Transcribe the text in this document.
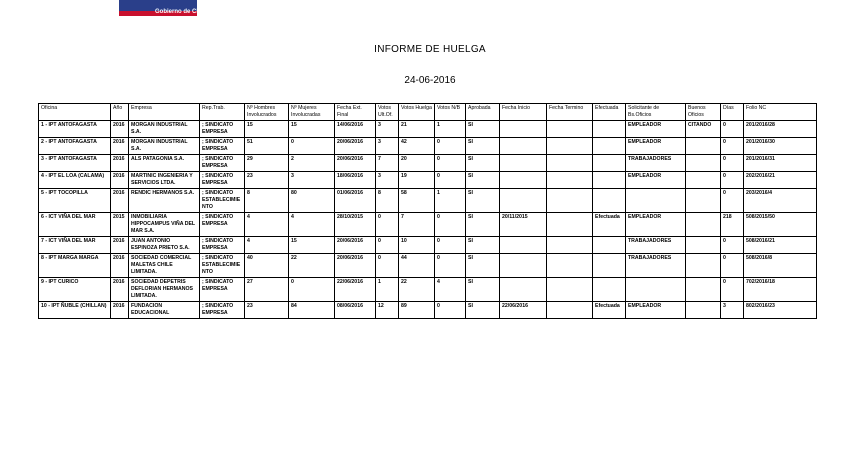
Gobierno de Chile
INFORME DE HUELGA
24-06-2016
Oficina	Año	Empresa	Rep.Trab.	Nº Hombres Involucrados	Nº Mujeres Involucradas	Fecha Ext. Final	Votos Ult.Of.	Votos Huelga	Votos N/B	Aprobada	Fecha Inicio	Fecha Termino	Efectuada	Solicitante de Bs.Oficios	Buenos Oficios	Días	Folio NC
1 - IPT ANTOFAGASTA	2016	MORGAN INDUSTRIAL S.A.	; SINDICATO EMPRESA	15	15	14/06/2016	3	21	1	SI				EMPLEADOR	CITANDO	0	201/2016/28
2 - IPT ANTOFAGASTA	2016	MORGAN INDUSTRIAL S.A.	; SINDICATO EMPRESA	51	0	20/06/2016	3	42	0	SI				EMPLEADOR		0	201/2016/30
3 - IPT ANTOFAGASTA	2016	ALS PATAGONIA S.A.	; SINDICATO EMPRESA	29	2	20/06/2016	7	20	0	SI				TRABAJADORES		0	201/2016/31
4 - IPT EL LOA (CALAMA)	2016	MARTINIC INGENIERIA Y SERVICIOS LTDA.	; SINDICATO EMPRESA	23	3	18/06/2016	3	19	0	SI				EMPLEADOR		0	202/2016/21
5 - IPT TOCOPILLA	2016	RENDIC HERMANOS S.A.	; SINDICATO ESTABLECIMIENTO	8	80	01/06/2016	8	58	1	SI						0	203/2016/4
6 - ICT VIÑA DEL MAR	2015	INMOBILIARIA HIPPOCAMPUS VIÑA DEL MAR S.A.	; SINDICATO EMPRESA	4	4	28/10/2015	0	7	0	SI	20/11/2015		Efectuada	EMPLEADOR		218	508/2015/50
7 - ICT VIÑA DEL MAR	2016	JUAN ANTONIO ESPINOZA PRIETO S.A.	; SINDICATO EMPRESA	4	15	20/06/2016	0	10	0	SI				TRABAJADORES		0	508/2016/21
8 - IPT MARGA MARGA	2016	SOCIEDAD COMERCIAL MALETAS CHILE LIMITADA.	; SINDICATO ESTABLECIMIENTO	40	22	20/06/2016	0	44	0	SI				TRABAJADORES		0	508/2016/8
9 - IPT CURICO	2016	SOCIEDAD DEPETRIS DEFLORIAN HERMANOS LIMITADA.	; SINDICATO EMPRESA	27	0	22/06/2016	1	22	4	SI						0	702/2016/18
10 - IPT ÑUBLE (CHILLAN)	2016	FUNDACION EDUCACIONAL	; SINDICATO EMPRESA	23	84	08/06/2016	12	89	0	SI	22/06/2016		Efectuada	EMPLEADOR		3	802/2016/23
